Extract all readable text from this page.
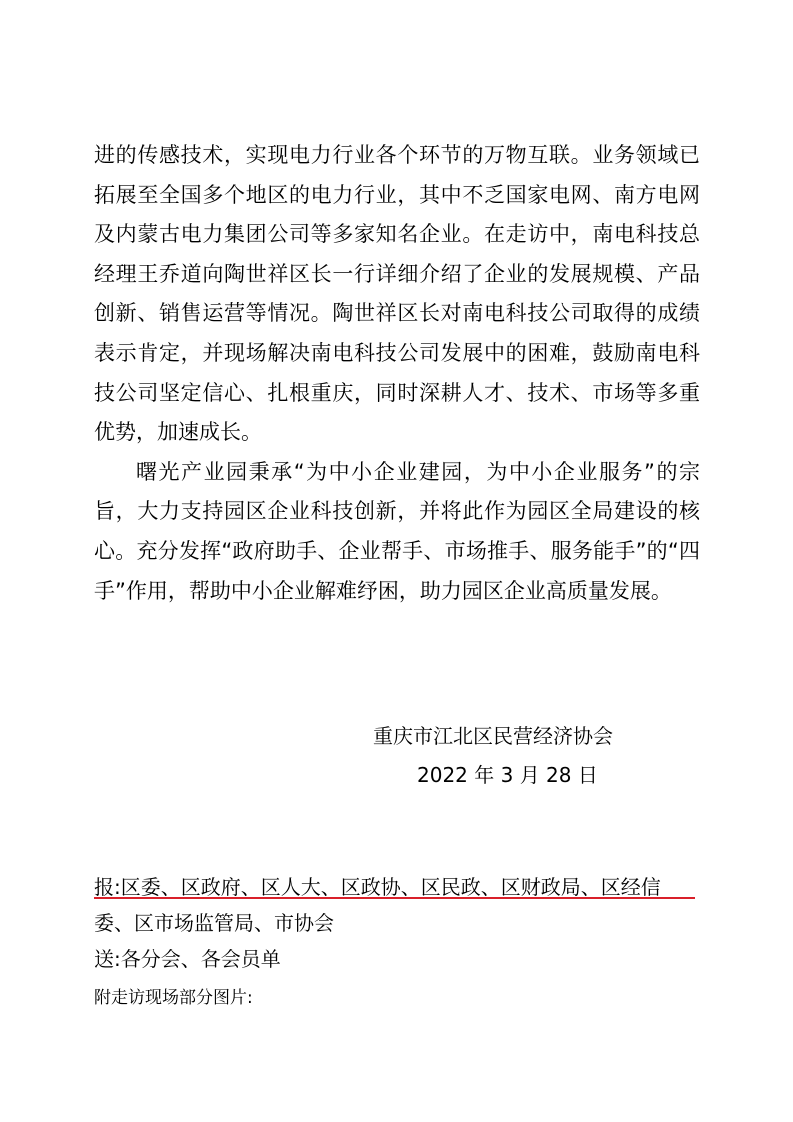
进的传感技术，实现电力行业各个环节的万物互联。业务领域已拓展至全国多个地区的电力行业，其中不乏国家电网、南方电网及内蒙古电力集团公司等多家知名企业。在走访中，南电科技总经理王乔道向陶世祥区长一行详细介绍了企业的发展规模、产品创新、销售运营等情况。陶世祥区长对南电科技公司取得的成绩表示肯定，并现场解决南电科技公司发展中的困难，鼓励南电科技公司坚定信心、扎根重庆，同时深耕人才、技术、市场等多重优势，加速成长。

曙光产业园秉承“为中小企业建园，为中小企业服务”的宗旨，大力支持园区企业科技创新，并将此作为园区全局建设的核心。充分发挥“政府助手、企业帮手、市场推手、服务能手”的“四手”作用，帮助中小企业解难纾困，助力园区企业高质量发展。

重庆市江北区民营经济协会
2022 年 3 月 28 日
报:区委、区政府、区人大、区政协、区民政、区财政局、区经信
委、区市场监管局、市协会
送:各分会、各会员单
附走访现场部分图片:
